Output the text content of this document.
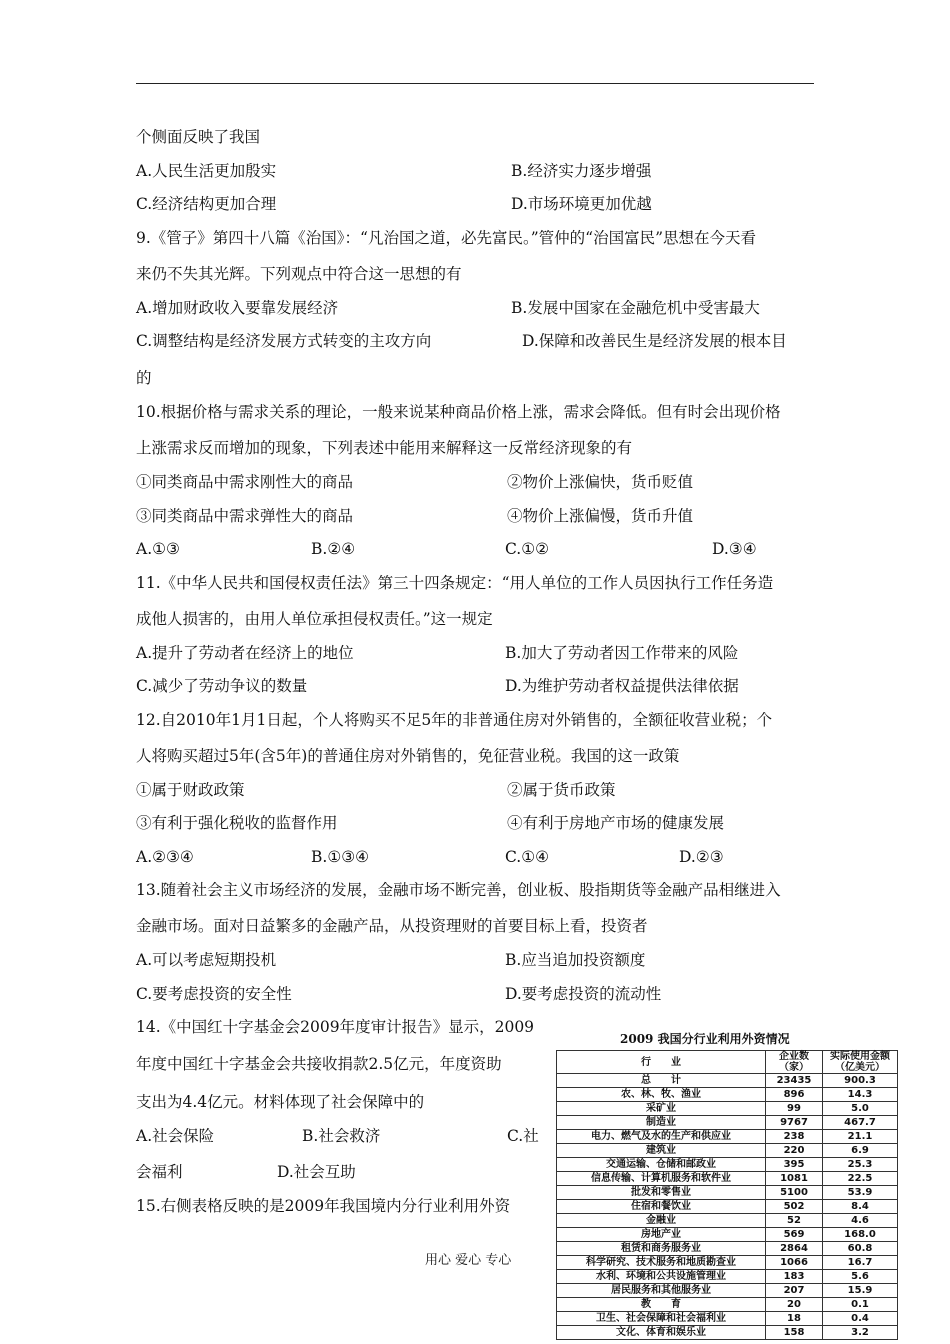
个侧面反映了我国
A.人民生活更加殷实	B.经济实力逐步增强
C.经济结构更加合理	D.市场环境更加优越
9.《管子》第四十八篇《治国》：“凡治国之道，必先富民。”管仲的“治国富民”思想在今天看
来仍不失其光辉。下列观点中符合这一思想的有
A.增加财政收入要靠发展经济	B.发展中国家在金融危机中受害最大
C.调整结构是经济发展方式转变的主攻方向	D.保障和改善民生是经济发展的根本目
的
10.根据价格与需求关系的理论，一般来说某种商品价格上涨，需求会降低。但有时会出现价格
上涨需求反而增加的现象，下列表述中能用来解释这一反常经济现象的有
①同类商品中需求刚性大的商品	②物价上涨偏快，货币贬值
③同类商品中需求弹性大的商品	④物价上涨偏慢，货币升值
A.①③	B.②④	C.①②	D.③④
11.《中华人民共和国侵权责任法》第三十四条规定：“用人单位的工作人员因执行工作任务造
成他人损害的，由用人单位承担侵权责任。”这一规定
A.提升了劳动者在经济上的地位	B.加大了劳动者因工作带来的风险
C.减少了劳动争议的数量	D.为维护劳动者权益提供法律依据
12.自2010年1月1日起，个人将购买不足5年的非普通住房对外销售的，全额征收营业税；个
人将购买超过5年(含5年)的普通住房对外销售的，免征营业税。我国的这一政策
①属于财政政策	②属于货币政策
③有利于强化税收的监督作用	④有利于房地产市场的健康发展
A.②③④	B.①③④	C.①④	D.②③
13.随着社会主义市场经济的发展，金融市场不断完善，创业板、股指期货等金融产品相继进入
金融市场。面对日益繁多的金融产品，从投资理财的首要目标上看，投资者
A.可以考虑短期投机	B.应当追加投资额度
C.要考虑投资的安全性	D.要考虑投资的流动性
14.《中国红十字基金会2009年度审计报告》显示，2009
年度中国红十字基金会共接收捐款2.5亿元，年度资助
支出为4.4亿元。材料体现了社会保障中的
A.社会保险	B.社会救济	C.社
会福利	D.社会互助
15.右侧表格反映的是2009年我国境内分行业利用外资
用心 爱心 专心
2009 我国分行业利用外资情况
行　　业	企业数（家）	实际使用金额（亿美元）
总　　计	23435	900.3
农、林、牧、渔业	896	14.3
采矿业	99	5.0
制造业	9767	467.7
电力、燃气及水的生产和供应业	238	21.1
建筑业	220	6.9
交通运输、仓储和邮政业	395	25.3
信息传输、计算机服务和软件业	1081	22.5
批发和零售业	5100	53.9
住宿和餐饮业	502	8.4
金融业	52	4.6
房地产业	569	168.0
租赁和商务服务业	2864	60.8
科学研究、技术服务和地质勘查业	1066	16.7
水利、环境和公共设施管理业	183	5.6
居民服务和其他服务业	207	15.9
教　　育	20	0.1
卫生、社会保障和社会福利业	18	0.4
文化、体育和娱乐业	158	3.2
